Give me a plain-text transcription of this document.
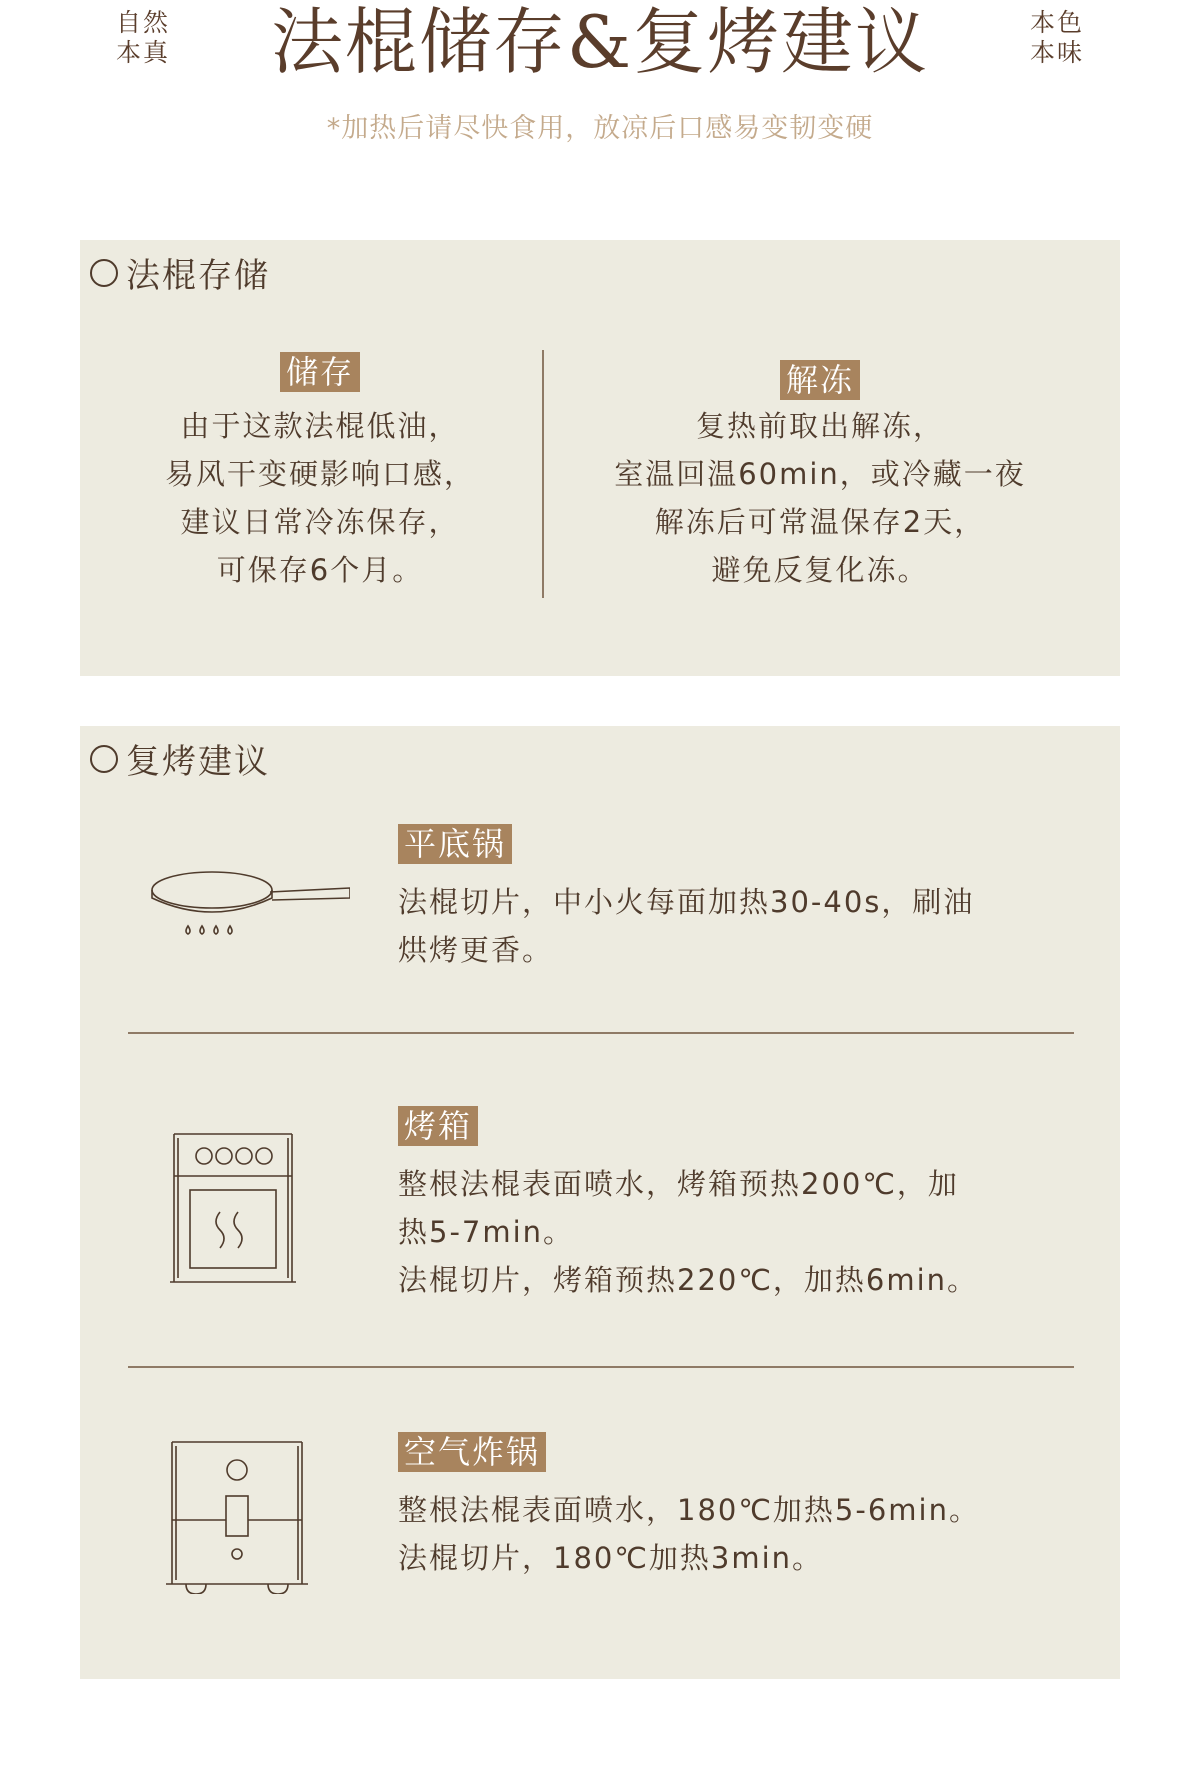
自然
本真	法棍储存&复烤建议	本色
本味
*加热后请尽快食用，放凉后口感易变韧变硬
法棍存储
储存
由于这款法棍低油，
易风干变硬影响口感，
建议日常冷冻保存，
可保存6个月。
解冻
复热前取出解冻，
室温回温60min，或冷藏一夜
解冻后可常温保存2天，
避免反复化冻。
复烤建议
平底锅
法棍切片，中小火每面加热30-40s，刷油
烘烤更香。
烤箱
整根法棍表面喷水，烤箱预热200℃，加
热5-7min。
法棍切片，烤箱预热220℃，加热6min。
空气炸锅
整根法棍表面喷水，180℃加热5-6min。
法棍切片，180℃加热3min。
